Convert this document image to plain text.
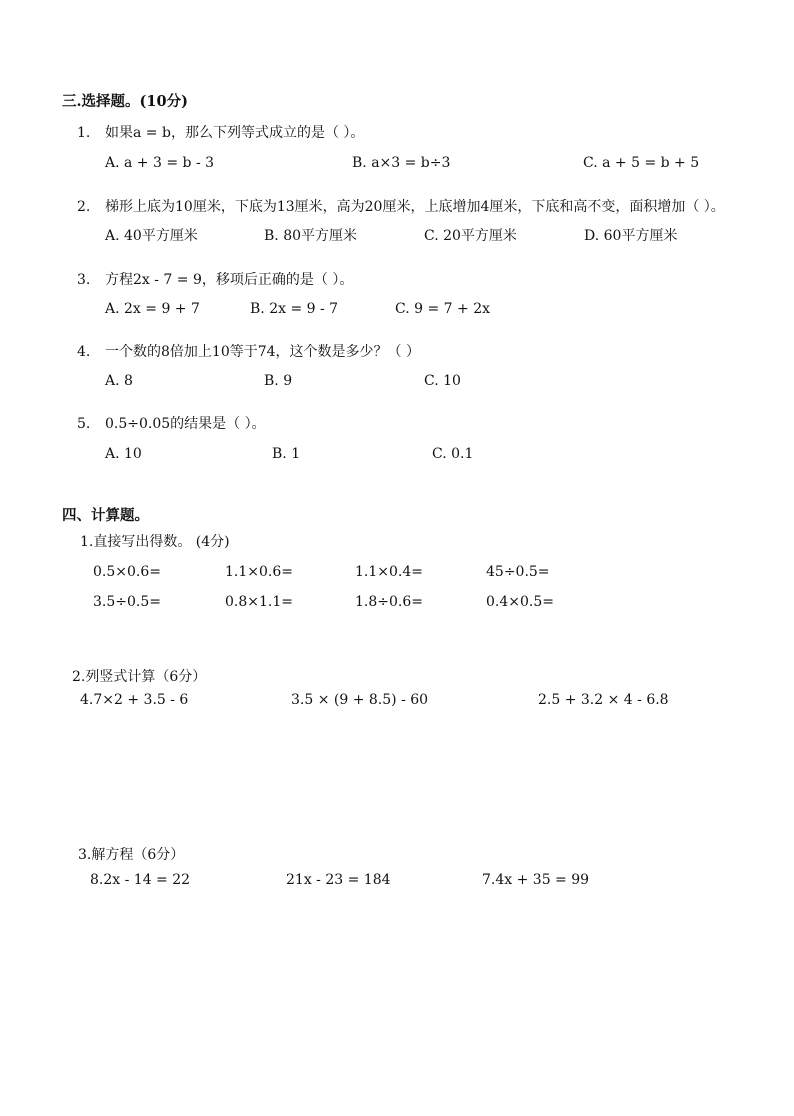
三.选择题。(10分)
1. 如果a = b，那么下列等式成立的是（ ）。
A. a + 3 = b - 3	B. a×3 = b÷3	C. a + 5 = b + 5
2. 梯形上底为10厘米，下底为13厘米，高为20厘米，上底增加4厘米，下底和高不变，面积增加（ ）。
A. 40平方厘米	B. 80平方厘米	C. 20平方厘米	D. 60平方厘米
3. 方程2x - 7 = 9，移项后正确的是（ ）。
A. 2x = 9 + 7	B. 2x = 9 - 7	C. 9 = 7 + 2x
4. 一个数的8倍加上10等于74，这个数是多少？（ ）
A. 8	B. 9	C. 10
5. 0.5÷0.05的结果是（ ）。
A. 10	B. 1	C. 0.1
四、计算题。
1.直接写出得数。 (4分)
0.5×0.6=	1.1×0.6=	1.1×0.4=	45÷0.5=
3.5÷0.5=	0.8×1.1=	1.8÷0.6=	0.4×0.5=
2.列竖式计算（6分）
4.7×2 + 3.5 - 6	3.5 × (9 + 8.5) - 60	2.5 + 3.2 × 4 - 6.8
3.解方程（6分）
8.2x - 14 = 22	21x - 23 = 184	7.4x + 35 = 99
